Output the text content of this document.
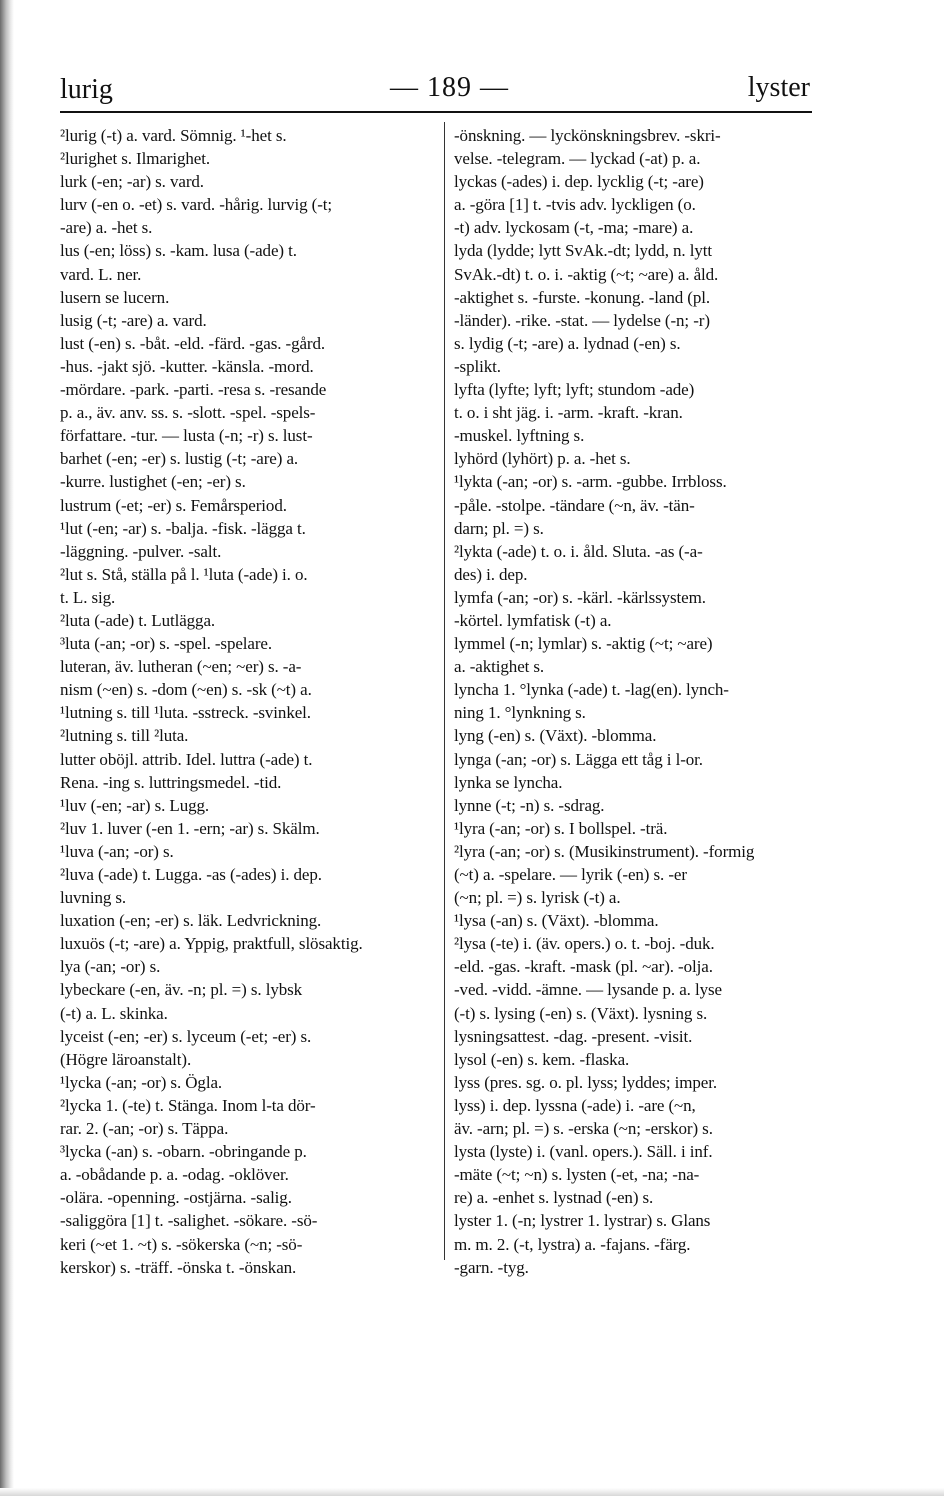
lurig	— 189 —	lyster
²lurig (-t) a. vard. Sömnig. ¹-het s.
²lurighet s. Ilmarighet.
lurk (-en; -ar) s. vard.
lurv (-en o. -et) s. vard. -hårig. lurvig (-t;
-are) a. -het s.
lus (-en; löss) s. -kam. lusa (-ade) t.
vard. L. ner.
lusern se lucern.
lusig (-t; -are) a. vard.
lust (-en) s. -båt. -eld. -färd. -gas. -gård.
-hus. -jakt sjö. -kutter. -känsla. -mord.
-mördare. -park. -parti. -resa s. -resande
p. a., äv. anv. ss. s. -slott. -spel. -spels-
författare. -tur. — lusta (-n; -r) s. lust-
barhet (-en; -er) s. lustig (-t; -are) a.
-kurre. lustighet (-en; -er) s.
lustrum (-et; -er) s. Femårsperiod.
¹lut (-en; -ar) s. -balja. -fisk. -lägga t.
-läggning. -pulver. -salt.
²lut s. Stå, ställa på l. ¹luta (-ade) i. o.
t. L. sig.
²luta (-ade) t. Lutlägga.
³luta (-an; -or) s. -spel. -spelare.
luteran, äv. lutheran (~en; ~er) s. -a-
nism (~en) s. -dom (~en) s. -sk (~t) a.
¹lutning s. till ¹luta. -sstreck. -svinkel.
²lutning s. till ²luta.
lutter oböjl. attrib. Idel. luttra (-ade) t.
Rena. -ing s. luttringsmedel. -tid.
¹luv (-en; -ar) s. Lugg.
²luv 1. luver (-en 1. -ern; -ar) s. Skälm.
¹luva (-an; -or) s.
²luva (-ade) t. Lugga. -as (-ades) i. dep.
luvning s.
luxation (-en; -er) s. läk. Ledvrickning.
luxuös (-t; -are) a. Yppig, praktfull, slösaktig.
lya (-an; -or) s.
lybeckare (-en, äv. -n; pl. =) s. lybsk
(-t) a. L. skinka.
lyceist (-en; -er) s. lyceum (-et; -er) s.
(Högre läroanstalt).
¹lycka (-an; -or) s. Ögla.
²lycka 1. (-te) t. Stänga. Inom l-ta dör-
rar. 2. (-an; -or) s. Täppa.
³lycka (-an) s. -obarn. -obringande p.
a. -obådande p. a. -odag. -oklöver.
-olära. -openning. -ostjärna. -salig.
-saliggöra [1] t. -salighet. -sökare. -sö-
keri (~et 1. ~t) s. -sökerska (~n; -sö-
kerskor) s. -träff. -önska t. -önskan.
-önskning. — lyckönskningsbrev. -skri-
velse. -telegram. — lyckad (-at) p. a.
lyckas (-ades) i. dep. lycklig (-t; -are)
a. -göra [1] t. -tvis adv. lyckligen (o.
-t) adv. lyckosam (-t, -ma; -mare) a.
lyda (lydde; lytt SvAk.-dt; lydd, n. lytt
SvAk.-dt) t. o. i. -aktig (~t; ~are) a. åld.
-aktighet s. -furste. -konung. -land (pl.
-länder). -rike. -stat. — lydelse (-n; -r)
s. lydig (-t; -are) a. lydnad (-en) s.
-splikt.
lyfta (lyfte; lyft; lyft; stundom -ade)
t. o. i sht jäg. i. -arm. -kraft. -kran.
-muskel. lyftning s.
lyhörd (lyhört) p. a. -het s.
¹lykta (-an; -or) s. -arm. -gubbe. Irrbloss.
-påle. -stolpe. -tändare (~n, äv. -tän-
darn; pl. =) s.
²lykta (-ade) t. o. i. åld. Sluta. -as (-a-
des) i. dep.
lymfa (-an; -or) s. -kärl. -kärlssystem.
-körtel. lymfatisk (-t) a.
lymmel (-n; lymlar) s. -aktig (~t; ~are)
a. -aktighet s.
lyncha 1. °lynka (-ade) t. -lag(en). lynch-
ning 1. °lynkning s.
lyng (-en) s. (Växt). -blomma.
lynga (-an; -or) s. Lägga ett tåg i l-or.
lynka se lyncha.
lynne (-t; -n) s. -sdrag.
¹lyra (-an; -or) s. I bollspel. -trä.
²lyra (-an; -or) s. (Musikinstrument). -formig
(~t) a. -spelare. — lyrik (-en) s. -er
(~n; pl. =) s. lyrisk (-t) a.
¹lysa (-an) s. (Växt). -blomma.
²lysa (-te) i. (äv. opers.) o. t. -boj. -duk.
-eld. -gas. -kraft. -mask (pl. ~ar). -olja.
-ved. -vidd. -ämne. — lysande p. a. lyse
(-t) s. lysing (-en) s. (Växt). lysning s.
lysningsattest. -dag. -present. -visit.
lysol (-en) s. kem. -flaska.
lyss (pres. sg. o. pl. lyss; lyddes; imper.
lyss) i. dep. lyssna (-ade) i. -are (~n,
äv. -arn; pl. =) s. -erska (~n; -erskor) s.
lysta (lyste) i. (vanl. opers.). Säll. i inf.
-mäte (~t; ~n) s. lysten (-et, -na; -na-
re) a. -enhet s. lystnad (-en) s.
lyster 1. (-n; lystrer 1. lystrar) s. Glans
m. m. 2. (-t, lystra) a. -fajans. -färg.
-garn. -tyg.
